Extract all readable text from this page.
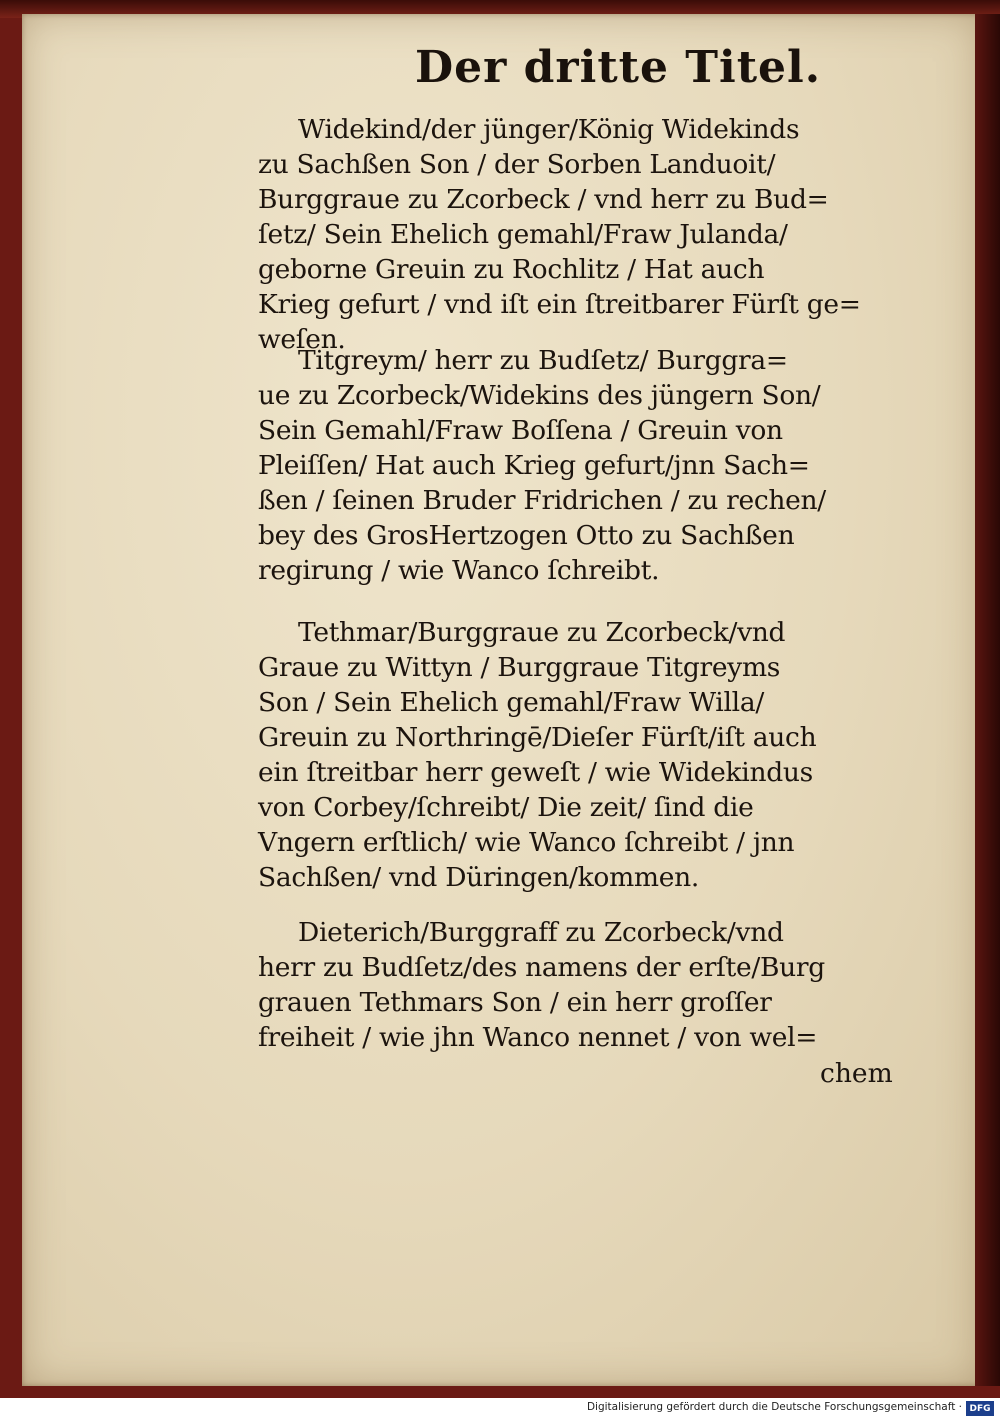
Der dritte Titel.
Widekind/der jünger/König Widekinds
zu Sachßen Son / der Sorben Landuoit/
Burggraue zu Zcorbeck / vnd herr zu Bud=
ſetz/ Sein Ehelich gemahl/Fraw Julanda/
geborne Greuin zu Rochlitz / Hat auch
Krieg gefurt / vnd iſt ein ſtreitbarer Fürſt ge=
weſen.
Titgreym/ herr zu Budſetz/ Burggra=
ue zu Zcorbeck/Widekins des jüngern Son/
Sein Gemahl/Fraw Boſſena / Greuin von
Pleiſſen/ Hat auch Krieg gefurt/jnn Sach=
ßen / ſeinen Bruder Fridrichen / zu rechen/
bey des GrosHertzogen Otto zu Sachßen
regirung / wie Wanco ſchreibt.
Tethmar/Burggraue zu Zcorbeck/vnd
Graue zu Wittyn / Burggraue Titgreyms
Son / Sein Ehelich gemahl/Fraw Willa/
Greuin zu Northringē/Dieſer Fürſt/iſt auch
ein ſtreitbar herr geweſt / wie Widekindus
von Corbey/ſchreibt/ Die zeit/ ſind die
Vngern erſtlich/ wie Wanco ſchreibt / jnn
Sachßen/ vnd Düringen/kommen.
Dieterich/Burggraff zu Zcorbeck/vnd
herr zu Budſetz/des namens der erſte/Burg
grauen Tethmars Son / ein herr groſſer
freiheit / wie jhn Wanco nennet / von wel=
chem
Digitalisierung gefördert durch die Deutsche Forschungsgemeinschaft · DFG
